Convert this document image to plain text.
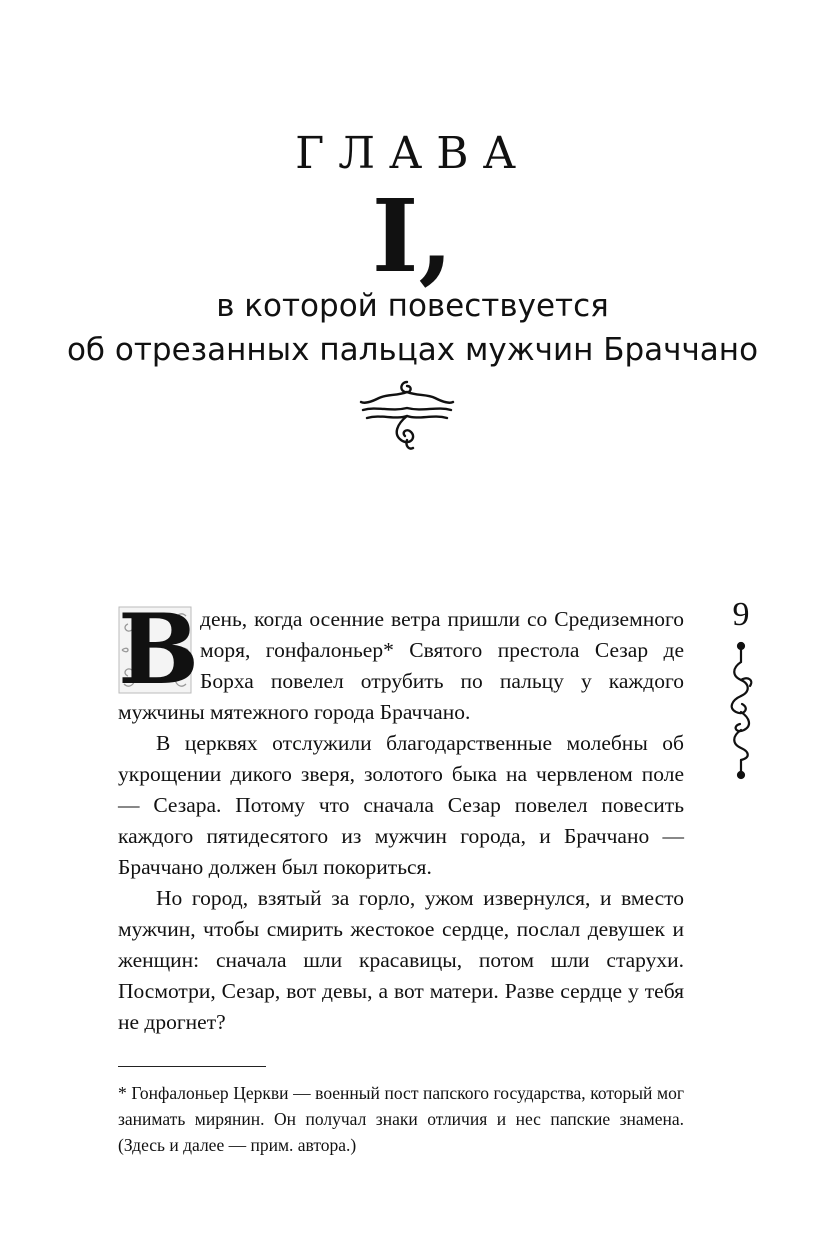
ГЛАВА
I,
в которой повествуется
об отрезанных пальцах мужчин Браччано

В день, когда осенние ветра пришли со Средиземного моря, гонфалоньер* Святого престола Сезар де Борха повелел отрубить по пальцу у каждого мужчины мятежного города Браччано.

В церквях отслужили благодарственные молебны об укрощении дикого зверя, золотого быка на червленом поле — Сезара. Потому что сначала Сезар повелел повесить каждого пятидесятого из мужчин города, и Браччано — Браччано должен был покориться.

Но город, взятый за горло, ужом извернулся, и вместо мужчин, чтобы смирить жестокое сердце, послал девушек и женщин: сначала шли красавицы, потом шли старухи. Посмотри, Сезар, вот девы, а вот матери. Разве сердце у тебя не дрогнет?

9
* Гонфалоньер Церкви — военный пост папского государства, который мог занимать мирянин. Он получал знаки отличия и нес папские знамена. (Здесь и далее — прим. автора.)
